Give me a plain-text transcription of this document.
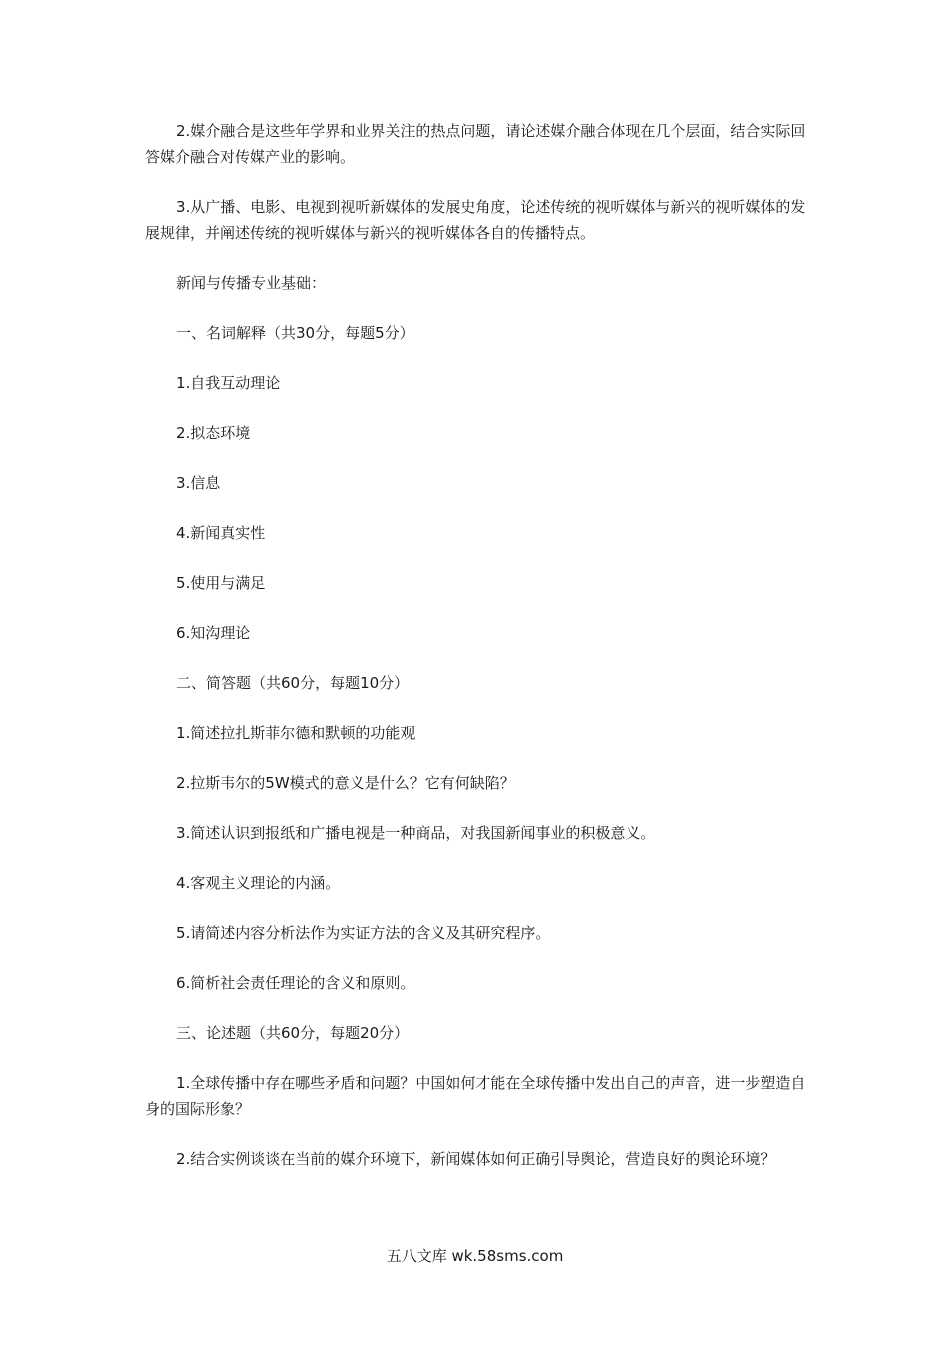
2.媒介融合是这些年学界和业界关注的热点问题，请论述媒介融合体现在几个层面，结合实际回答媒介融合对传媒产业的影响。

3.从广播、电影、电视到视听新媒体的发展史角度，论述传统的视听媒体与新兴的视听媒体的发展规律，并阐述传统的视听媒体与新兴的视听媒体各自的传播特点。

新闻与传播专业基础：

一、名词解释（共30分，每题5分）

1.自我互动理论

2.拟态环境

3.信息

4.新闻真实性

5.使用与满足

6.知沟理论

二、简答题（共60分，每题10分）

1.简述拉扎斯菲尔德和默顿的功能观

2.拉斯韦尔的5W模式的意义是什么？它有何缺陷？

3.简述认识到报纸和广播电视是一种商品，对我国新闻事业的积极意义。

4.客观主义理论的内涵。

5.请简述内容分析法作为实证方法的含义及其研究程序。

6.简析社会责任理论的含义和原则。

三、论述题（共60分，每题20分）

1.全球传播中存在哪些矛盾和问题？中国如何才能在全球传播中发出自己的声音，进一步塑造自身的国际形象？

2.结合实例谈谈在当前的媒介环境下，新闻媒体如何正确引导舆论，营造良好的舆论环境？

五八文库 wk.58sms.com
